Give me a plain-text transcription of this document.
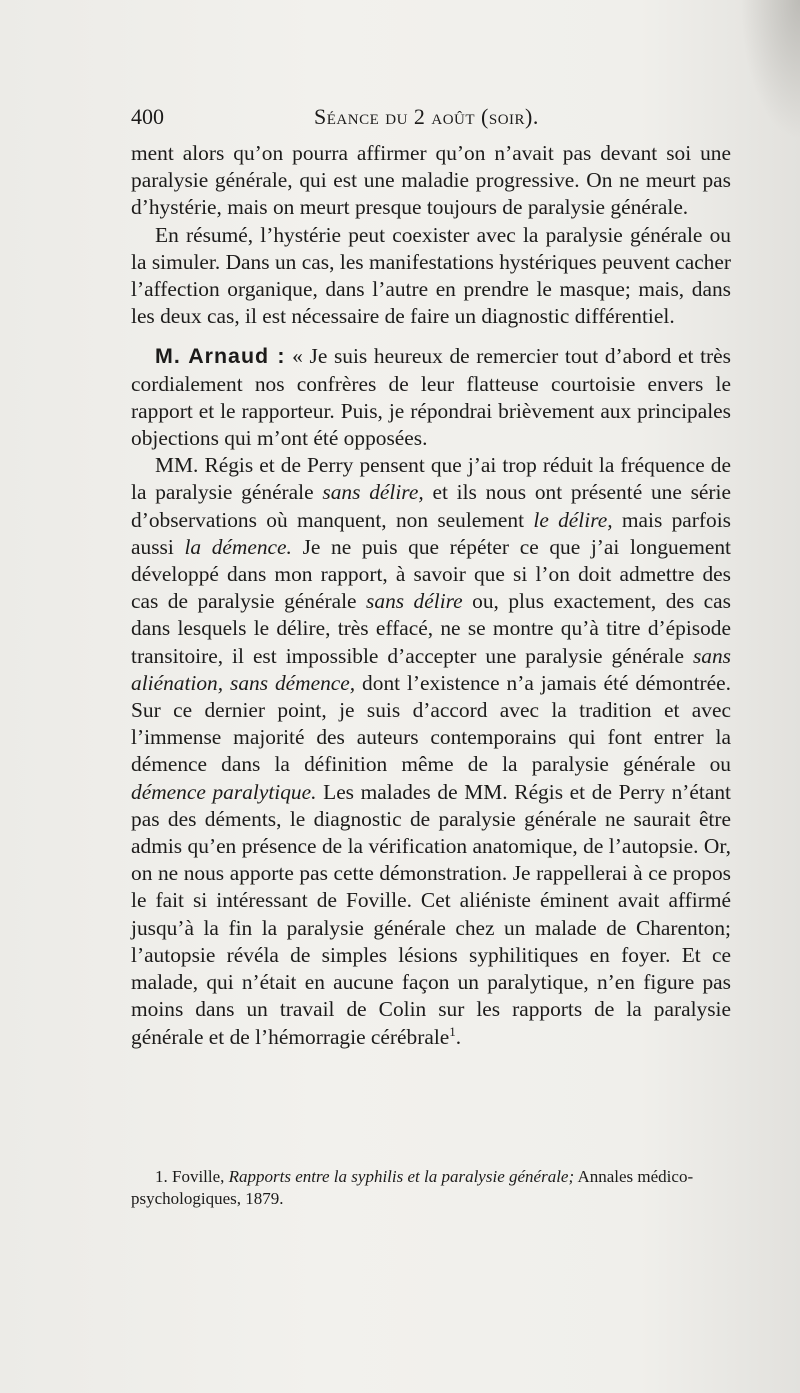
400	Séance du 2 août (soir).

ment alors qu’on pourra affirmer qu’on n’avait pas devant soi une paralysie générale, qui est une maladie progressive. On ne meurt pas d’hystérie, mais on meurt presque toujours de paralysie générale.

En résumé, l’hystérie peut coexister avec la paralysie générale ou la simuler. Dans un cas, les manifestations hystériques peuvent cacher l’affection organique, dans l’autre en prendre le masque; mais, dans les deux cas, il est nécessaire de faire un diagnostic différentiel.

M. Arnaud : « Je suis heureux de remercier tout d’abord et très cordialement nos confrères de leur flatteuse courtoisie envers le rapport et le rapporteur. Puis, je répondrai brièvement aux principales objections qui m’ont été opposées.

MM. Régis et de Perry pensent que j’ai trop réduit la fréquence de la paralysie générale sans délire, et ils nous ont présenté une série d’observations où manquent, non seulement le délire, mais parfois aussi la démence. Je ne puis que répéter ce que j’ai longuement développé dans mon rapport, à savoir que si l’on doit admettre des cas de paralysie générale sans délire ou, plus exactement, des cas dans lesquels le délire, très effacé, ne se montre qu’à titre d’épisode transitoire, il est impossible d’accepter une paralysie générale sans aliénation, sans démence, dont l’existence n’a jamais été démontrée. Sur ce dernier point, je suis d’accord avec la tradition et avec l’immense majorité des auteurs contemporains qui font entrer la démence dans la définition même de la paralysie générale ou démence paralytique. Les malades de MM. Régis et de Perry n’étant pas des déments, le diagnostic de paralysie générale ne saurait être admis qu’en présence de la vérification anatomique, de l’autopsie. Or, on ne nous apporte pas cette démonstration. Je rappellerai à ce propos le fait si intéressant de Foville. Cet aliéniste éminent avait affirmé jusqu’à la fin la paralysie générale chez un malade de Charenton; l’autopsie révéla de simples lésions syphilitiques en foyer. Et ce malade, qui n’était en aucune façon un paralytique, n’en figure pas moins dans un travail de Colin sur les rapports de la paralysie générale et de l’hémorragie cérébrale$^1$.

1. Foville, Rapports entre la syphilis et la paralysie générale; Annales médico-psychologiques, 1879.
